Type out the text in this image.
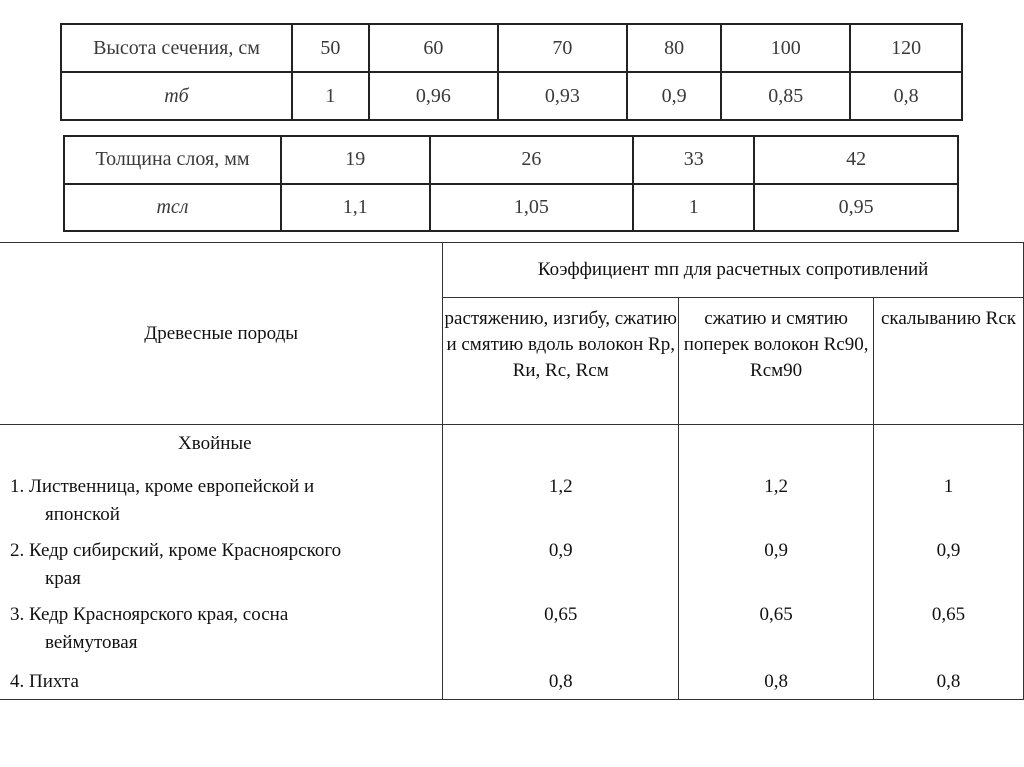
Высота сечения, см	50	60	70	80	100	120
mб	1	0,96	0,93	0,9	0,85	0,8
Толщина слоя, мм	19	26	33	42
mсл	1,1	1,05	1	0,95
Древесные породы	Коэффициент mп для расчетных сопротивлений		
	растяжению, изгибу, сжатию и смятию вдоль волокон Rр, Rи, Rс, Rсм	сжатию и смятию поперек волокон Rс90, Rсм90	скалыванию Rск
Хвойные			
1. Лиственница, кроме европейской и
японской	1,2	1,2	1
2. Кедр сибирский, кроме Красноярского
края	0,9	0,9	0,9
3. Кедр Красноярского края, сосна
веймутовая	0,65	0,65	0,65
4. Пихта	0,8	0,8	0,8
